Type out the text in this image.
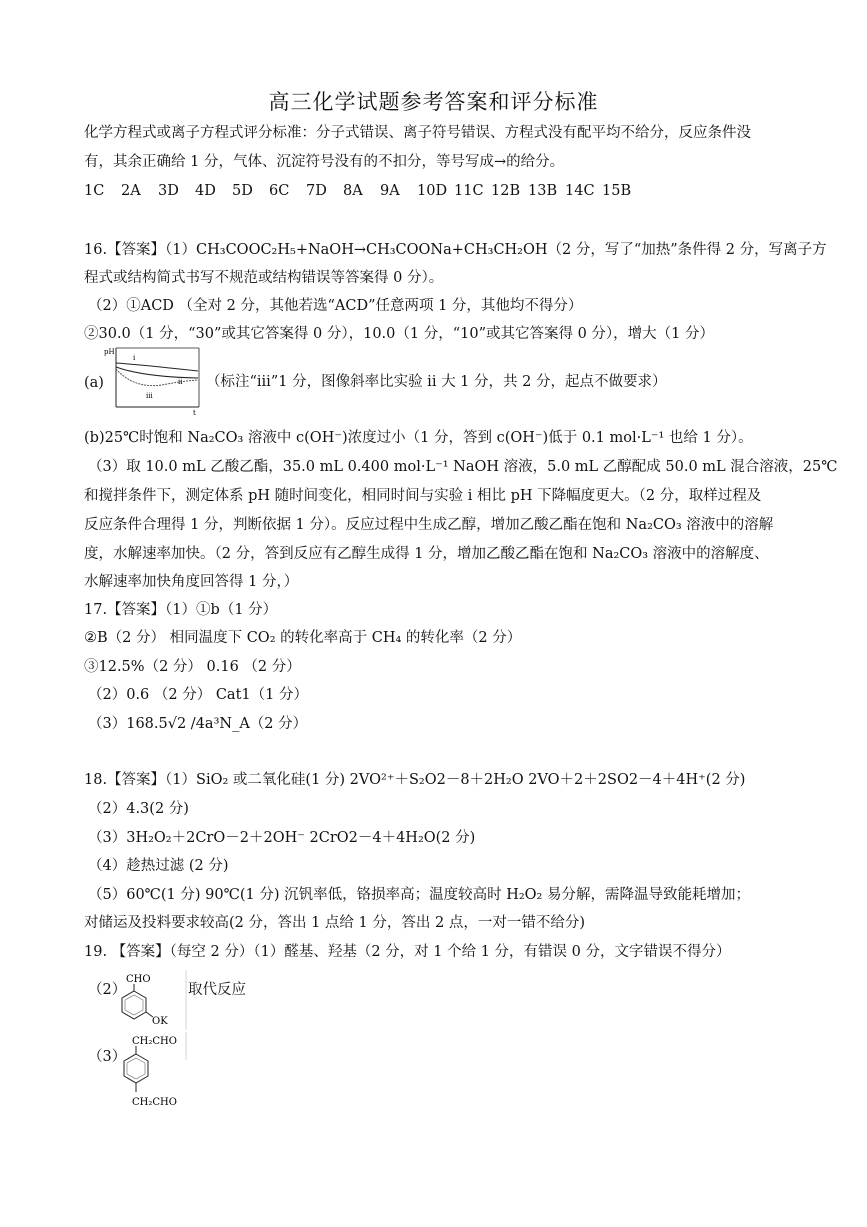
高三化学试题参考答案和评分标准
化学方程式或离子方程式评分标准：分子式错误、离子符号错误、方程式没有配平均不给分，反应条件没
有，其余正确给 1 分，气体、沉淀符号没有的不扣分，等号写成→的给分。
1C	2A	3D	4D	5D	6C	7D	8A	9A	10D 11C 12B 13B 14C 15B
16.【答案】（1）CH₃COOC₂H₅+NaOH→CH₃COONa+CH₃CH₂OH（2 分，写了“加热”条件得 2 分，写离子方
程式或结构简式书写不规范或结构错误等答案得 0 分）。
（2）①ACD （全对 2 分，其他若选“ACD”任意两项 1 分，其他均不得分）
②30.0（1 分，“30”或其它答案得 0 分），10.0（1 分，“10”或其它答案得 0 分），增大（1 分）
(a)
pH
i
ii
iii
t
（标注“iii”1 分，图像斜率比实验 ii 大 1 分，共 2 分，起点不做要求）
(b)25℃时饱和 Na₂CO₃ 溶液中 c(OH⁻)浓度过小（1 分，答到 c(OH⁻)低于 0.1 mol·L⁻¹ 也给 1 分）。
（3）取 10.0 mL 乙酸乙酯，35.0 mL 0.400 mol·L⁻¹ NaOH 溶液，5.0 mL 乙醇配成 50.0 mL 混合溶液，25℃
和搅拌条件下，测定体系 pH 随时间变化，相同时间与实验 i 相比 pH 下降幅度更大。（2 分，取样过程及
反应条件合理得 1 分，判断依据 1 分）。反应过程中生成乙醇，增加乙酸乙酯在饱和 Na₂CO₃ 溶液中的溶解
度，水解速率加快。（2 分，答到反应有乙醇生成得 1 分，增加乙酸乙酯在饱和 Na₂CO₃ 溶液中的溶解度、
水解速率加快角度回答得 1 分，）
17.【答案】（1）①b（1 分）
②B（2 分） 相同温度下 CO₂ 的转化率高于 CH₄ 的转化率（2 分）
③12.5%（2 分） 0.16 （2 分）
（2）0.6 （2 分） Cat1（1 分）
（3）168.5√2 /4a³N_A（2 分）
18.【答案】（1）SiO₂ 或二氧化硅(1 分) 2VO²⁺＋S₂O2－8＋2H₂O 2VO＋2＋2SO2－4＋4H⁺(2 分)
（2）4.3(2 分)
（3）3H₂O₂＋2CrO－2＋2OH⁻ 2CrO2－4＋4H₂O(2 分)
（4）趁热过滤 (2 分)
（5）60℃(1 分) 90℃(1 分) 沉钒率低，铬损率高；温度较高时 H₂O₂ 易分解，需降温导致能耗增加；
对储运及投料要求较高(2 分，答出 1 点给 1 分，答出 2 点，一对一错不给分)
19. 【答案】（每空 2 分）（1）醛基、羟基（2 分，对 1 个给 1 分，有错误 0 分，文字错误不得分）
（2）
CHO
OK
取代反应
（3）
CH₂CHO
CH₂CHO
